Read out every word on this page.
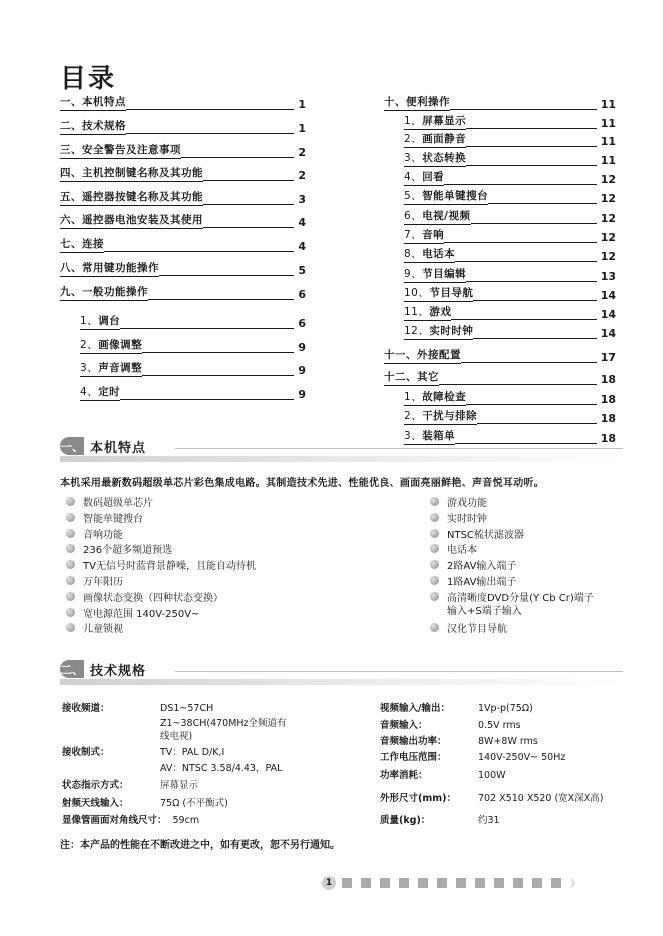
目录
一、本机特点	1
二、技术规格	1
三、安全警告及注意事项	2
四、主机控制键名称及其功能	2
五、遥控器按键名称及其功能	3
六、遥控器电池安装及其使用	4
七、连接	4
八、常用键功能操作	5
九、一般功能操作	6
1、调台	6
2、画像调整	9
3、声音调整	9
4、定时	9
十、便利操作	11
1、屏幕显示	11
2、画面静音	11
3、状态转换	11
4、回看	12
5、智能单键搜台	12
6、电视/视频	12
7、音响	12
8、电话本	12
9、节目编辑	13
10、节目导航	14
11、游戏	14
12、实时时钟	14
十一、外接配置	17
十二、其它	18
1、故障检查	18
2、干扰与排除	18
3、装箱单	18
一、 本机特点
本机采用最新数码超级单芯片彩色集成电路。其制造技术先进、性能优良、画面亮丽鲜艳、声音悦耳动听。
数码超级单芯片
智能单键搜台
音响功能
236个超多频道预选
TV无信号时蓝背景静噪，且能自动待机
万年阳历
画像状态变换（四种状态变换）
宽电源范围 140V-250V~
儿童锁视
游戏功能
实时时钟
NTSC梳状滤波器
电话本
2路AV输入端子
1路AV输出端子
高清晰度DVD分量(Y Cb Cr)端子
输入+S端子输入
汉化节目导航
二、 技术规格
接收频道：	DS1~57CH
Z1~38CH(470MHz全频道有
线电视)
接收制式：	TV：PAL D/K,I
AV：NTSC 3.58/4.43，PAL
状态指示方式：	屏幕显示
射频天线输入：	75Ω (不平衡式)
显像管画面对角线尺寸： 59cm
视频输入/输出：	1Vp-p(75Ω)
音频输入：	0.5V rms
音频输出功率：	8W+8W rms
工作电压范围：	140V-250V~ 50Hz
功率消耗：	100W
外形尺寸(mm)： 702 X510 X520 (宽X深X高)
质量(kg)：	约31
注：本产品的性能在不断改进之中，如有更改，恕不另行通知。
1	》
